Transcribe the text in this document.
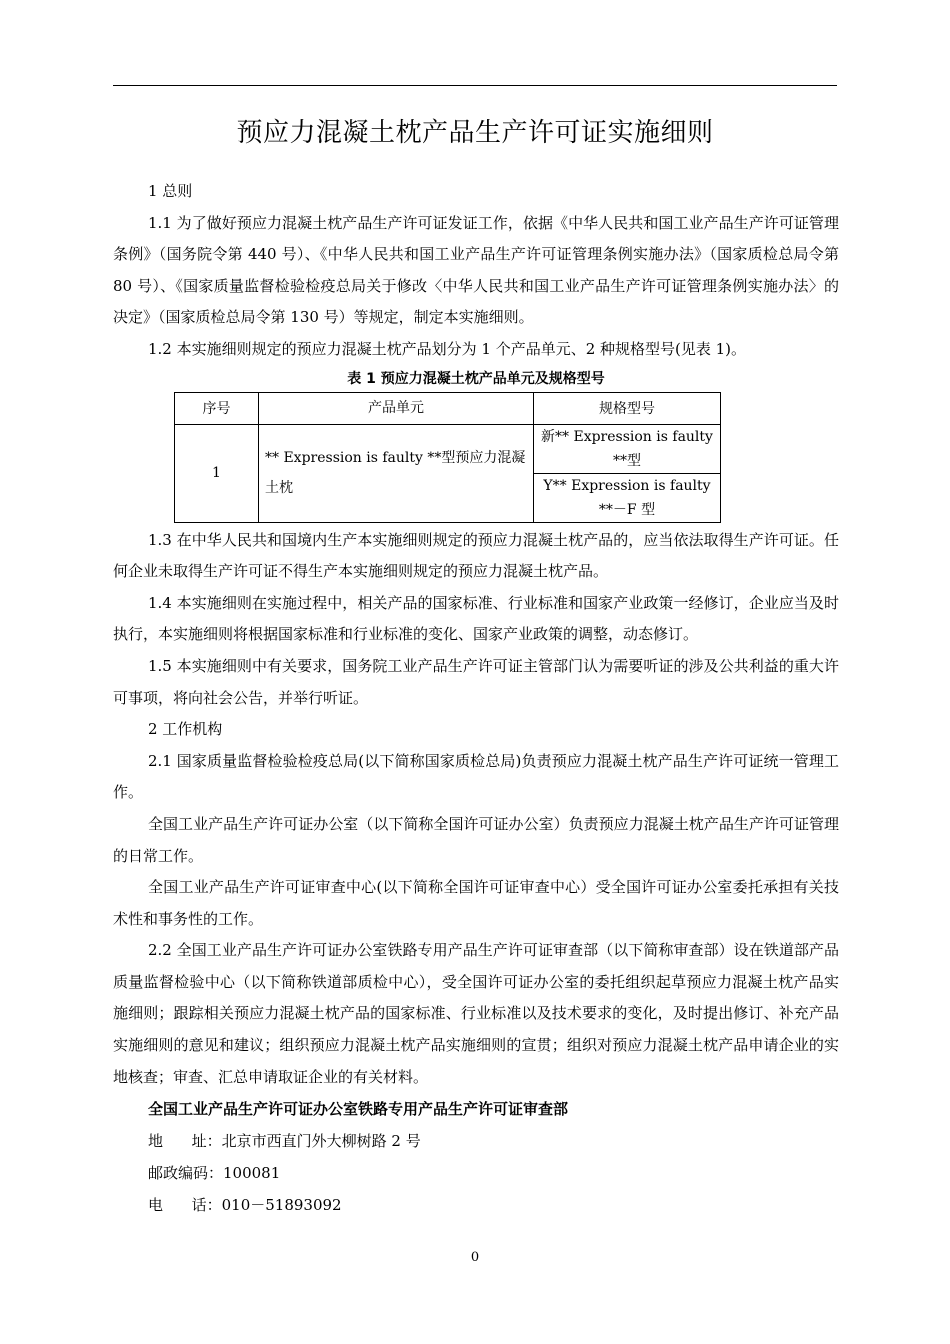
预应力混凝土枕产品生产许可证实施细则

1 总则

1.1 为了做好预应力混凝土枕产品生产许可证发证工作，依据《中华人民共和国工业产品生产许可证管理条例》（国务院令第 440 号）、《中华人民共和国工业产品生产许可证管理条例实施办法》（国家质检总局令第 80 号）、《国家质量监督检验检疫总局关于修改〈中华人民共和国工业产品生产许可证管理条例实施办法〉的决定》（国家质检总局令第 130 号）等规定，制定本实施细则。

1.2 本实施细则规定的预应力混凝土枕产品划分为 1 个产品单元、2 种规格型号(见表 1)。

表 1 预应力混凝土枕产品单元及规格型号

序号	产品单元	规格型号
1	** Expression is faulty **型预应力混凝土枕	新** Expression is faulty **型
		Y** Expression is faulty **－F 型

1.3 在中华人民共和国境内生产本实施细则规定的预应力混凝土枕产品的，应当依法取得生产许可证。任何企业未取得生产许可证不得生产本实施细则规定的预应力混凝土枕产品。

1.4 本实施细则在实施过程中，相关产品的国家标准、行业标准和国家产业政策一经修订，企业应当及时执行，本实施细则将根据国家标准和行业标准的变化、国家产业政策的调整，动态修订。

1.5 本实施细则中有关要求，国务院工业产品生产许可证主管部门认为需要听证的涉及公共利益的重大许可事项，将向社会公告，并举行听证。

2 工作机构

2.1 国家质量监督检验检疫总局(以下简称国家质检总局)负责预应力混凝土枕产品生产许可证统一管理工作。

全国工业产品生产许可证办公室（以下简称全国许可证办公室）负责预应力混凝土枕产品生产许可证管理的日常工作。

全国工业产品生产许可证审查中心(以下简称全国许可证审查中心）受全国许可证办公室委托承担有关技术性和事务性的工作。

2.2 全国工业产品生产许可证办公室铁路专用产品生产许可证审查部（以下简称审查部）设在铁道部产品质量监督检验中心（以下简称铁道部质检中心），受全国许可证办公室的委托组织起草预应力混凝土枕产品实施细则；跟踪相关预应力混凝土枕产品的国家标准、行业标准以及技术要求的变化，及时提出修订、补充产品实施细则的意见和建议；组织预应力混凝土枕产品实施细则的宣贯；组织对预应力混凝土枕产品申请企业的实地核查；审查、汇总申请取证企业的有关材料。

全国工业产品生产许可证办公室铁路专用产品生产许可证审查部

地      址：北京市西直门外大柳树路 2 号

邮政编码：100081

电      话：010－51893092

0
